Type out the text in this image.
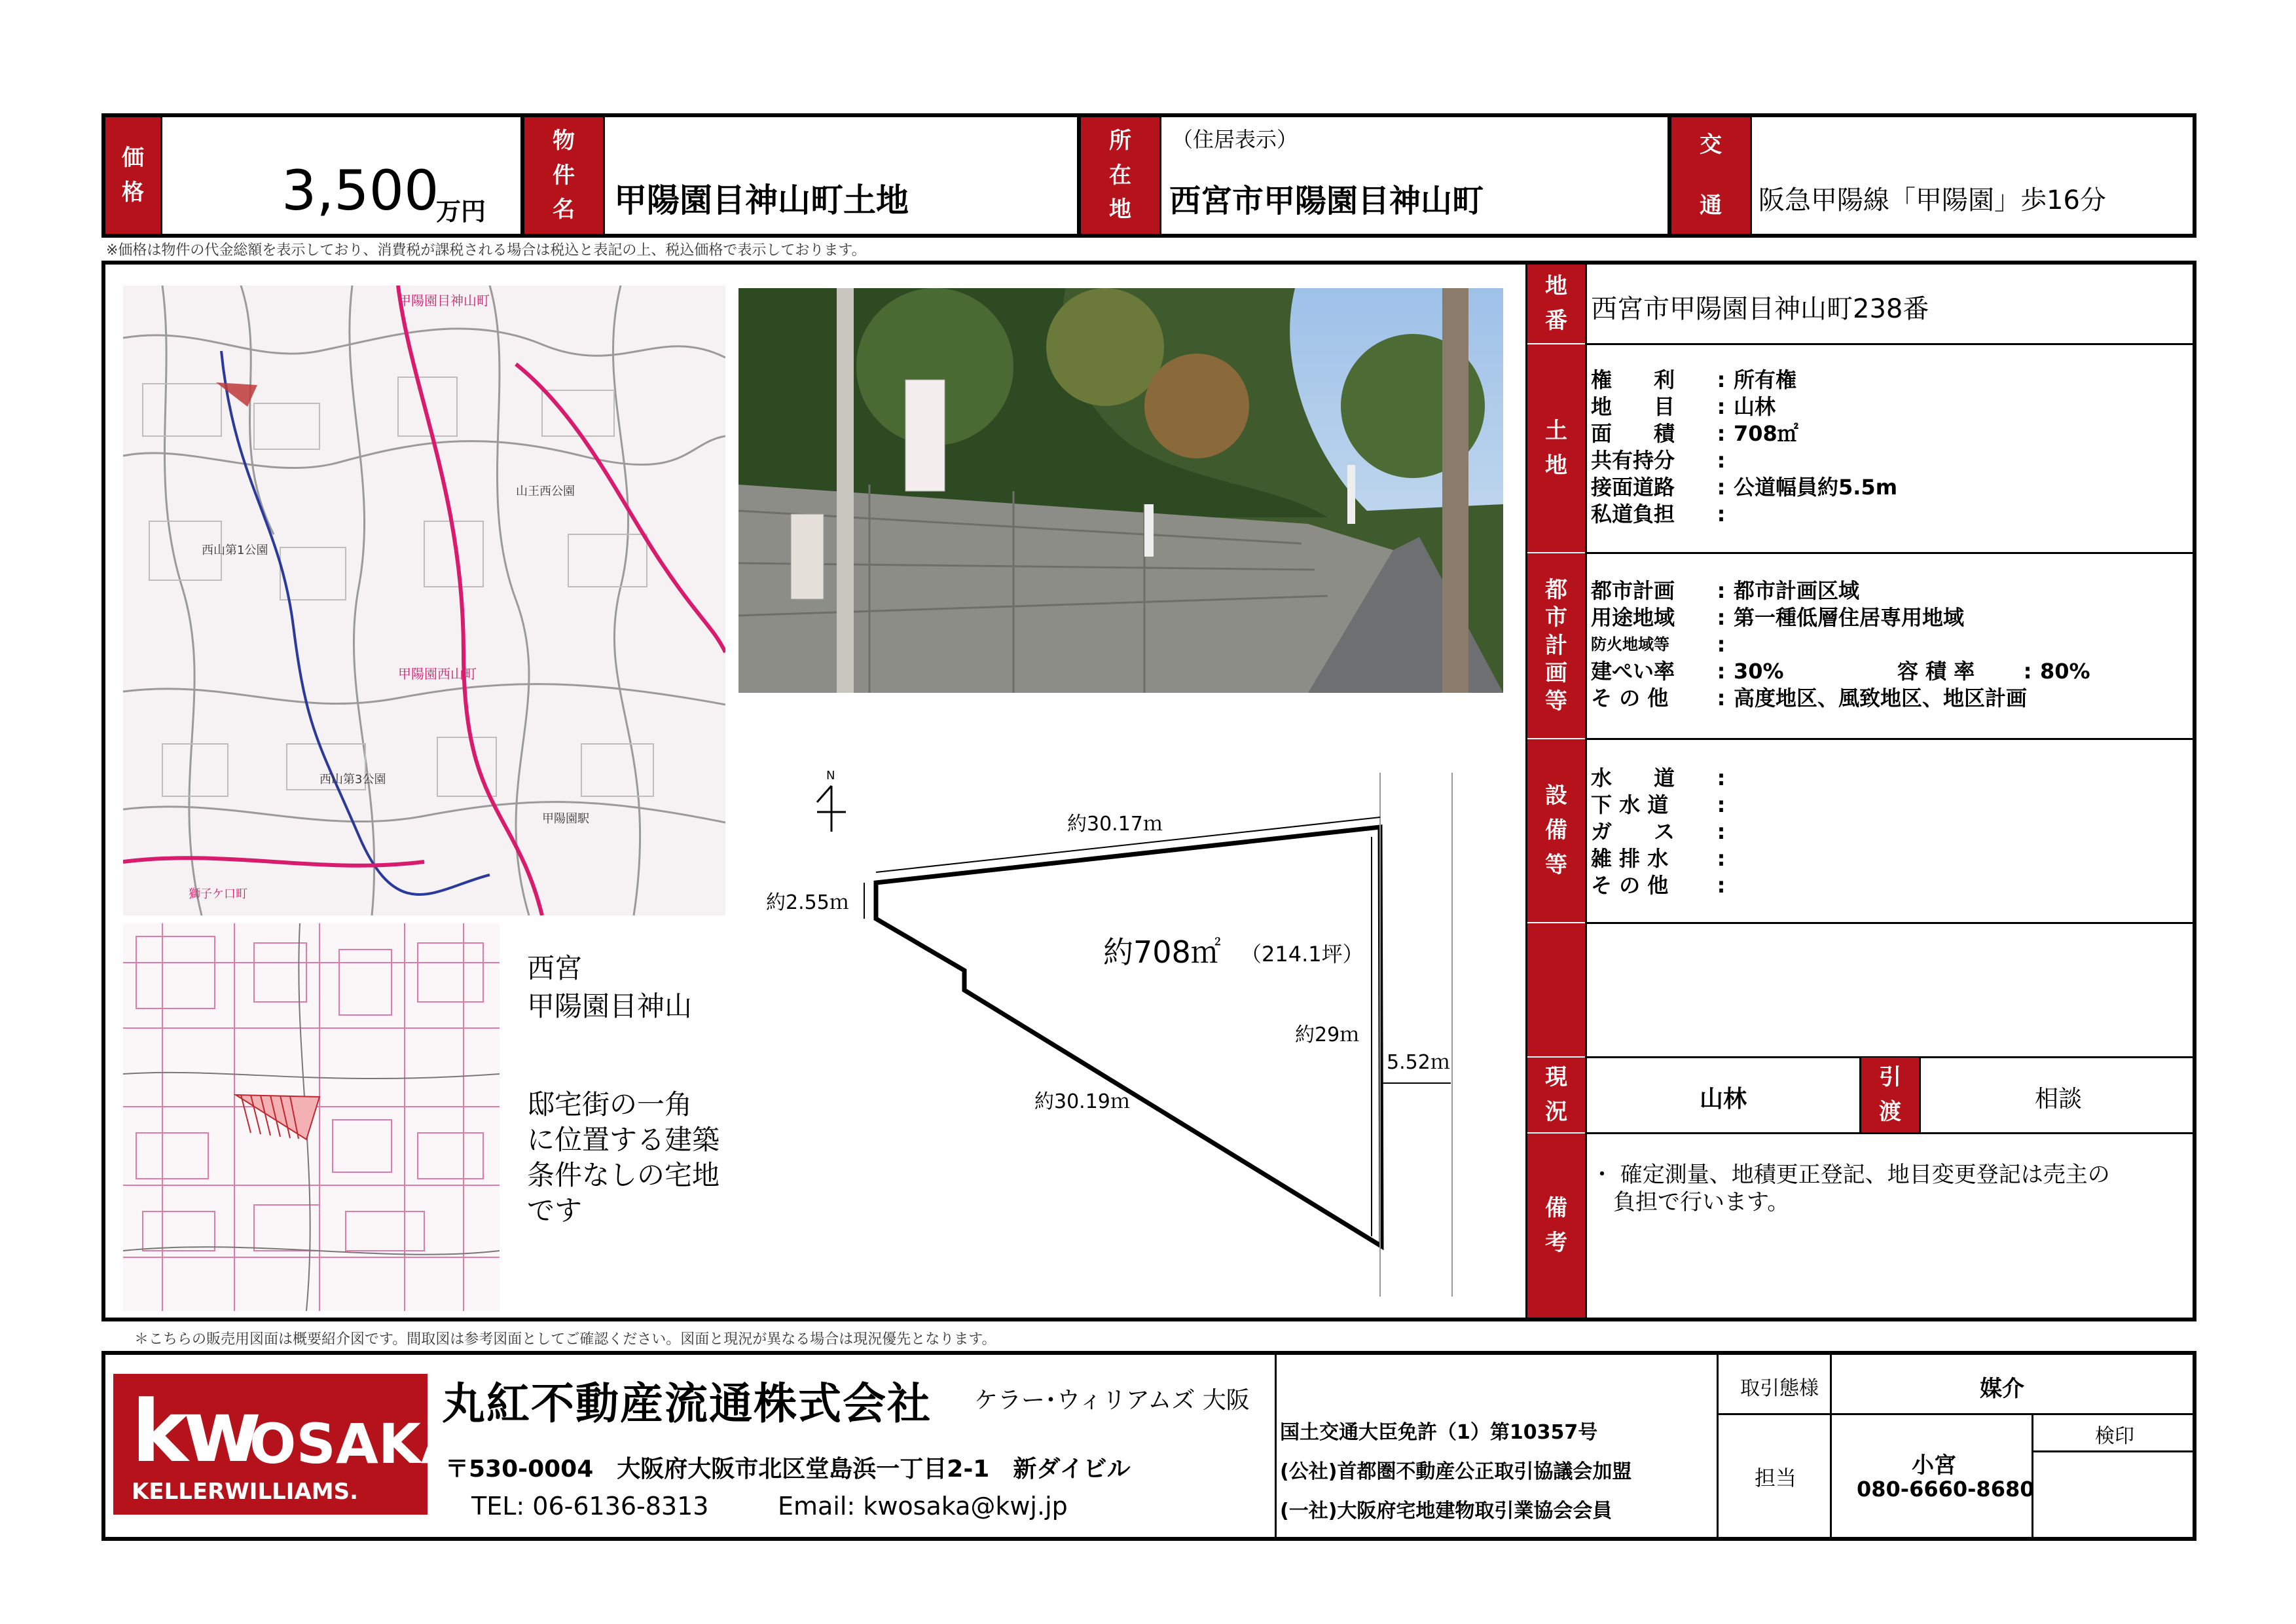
価
格	3,500
万円
物
件
名 甲陽園目神山町土地
所
在
地
（住居表示）
西宮市甲陽園目神山町
交
通 阪急甲陽線「甲陽園」歩16分
※価格は物件の代金総額を表示しており、消費税が課税される場合は税込と表記の上、税込価格で表示しております。
甲陽園目神山町
甲陽園西山町
山王西公園
西山第1公園
西山第3公園
甲陽園駅
獅子ケ口町
西宮
甲陽園目神山
邸宅街の一角
に位置する建築
条件なしの宅地
です
N
約30.17ｍ
約2.55ｍ
約29ｍ
約30.19ｍ
5.52ｍ
約708㎡ （214.1坪）
地
番 西宮市甲陽園目神山町238番
土
地
権　　利	: 所有権
地　　目	: 山林
面　　積	: 708㎡
共有持分	:
接面道路	: 公道幅員約5.5m
私道負担	:
都
市
計
画
等
都市計画	: 都市計画区域
用途地域	: 第一種低層住居専用地域
防火地域等	:
建ぺい率	: 30%	容 積 率	: 80%
そ の 他	: 高度地区、風致地区、地区計画
設
備
等
水　　道	:
下 水 道	:
ガ　　ス	:
雑 排 水	:
そ の 他	:
現
況	山林
引
渡	相談
備
考
・ 確定測量、地積更正登記、地目変更登記は売主の
　負担で行います。
＊こちらの販売用図面は概要紹介図です。間取図は参考図面としてご確認ください。図面と現況が異なる場合は現況優先となります。
kw
OSAKA
KELLERWILLIAMS.
丸紅不動産流通株式会社 ケラー･ウィリアムズ 大阪
〒530-0004　大阪府大阪市北区堂島浜一丁目2-1　新ダイビル
TEL: 06-6136-8313	Email: kwosaka@kwj.jp
国土交通大臣免許（1）第10357号
(公社)首都圏不動産公正取引協議会加盟
(一社)大阪府宅地建物取引業協会会員
取引態様	媒介
検印
担当	小宮
080-6660-8680
